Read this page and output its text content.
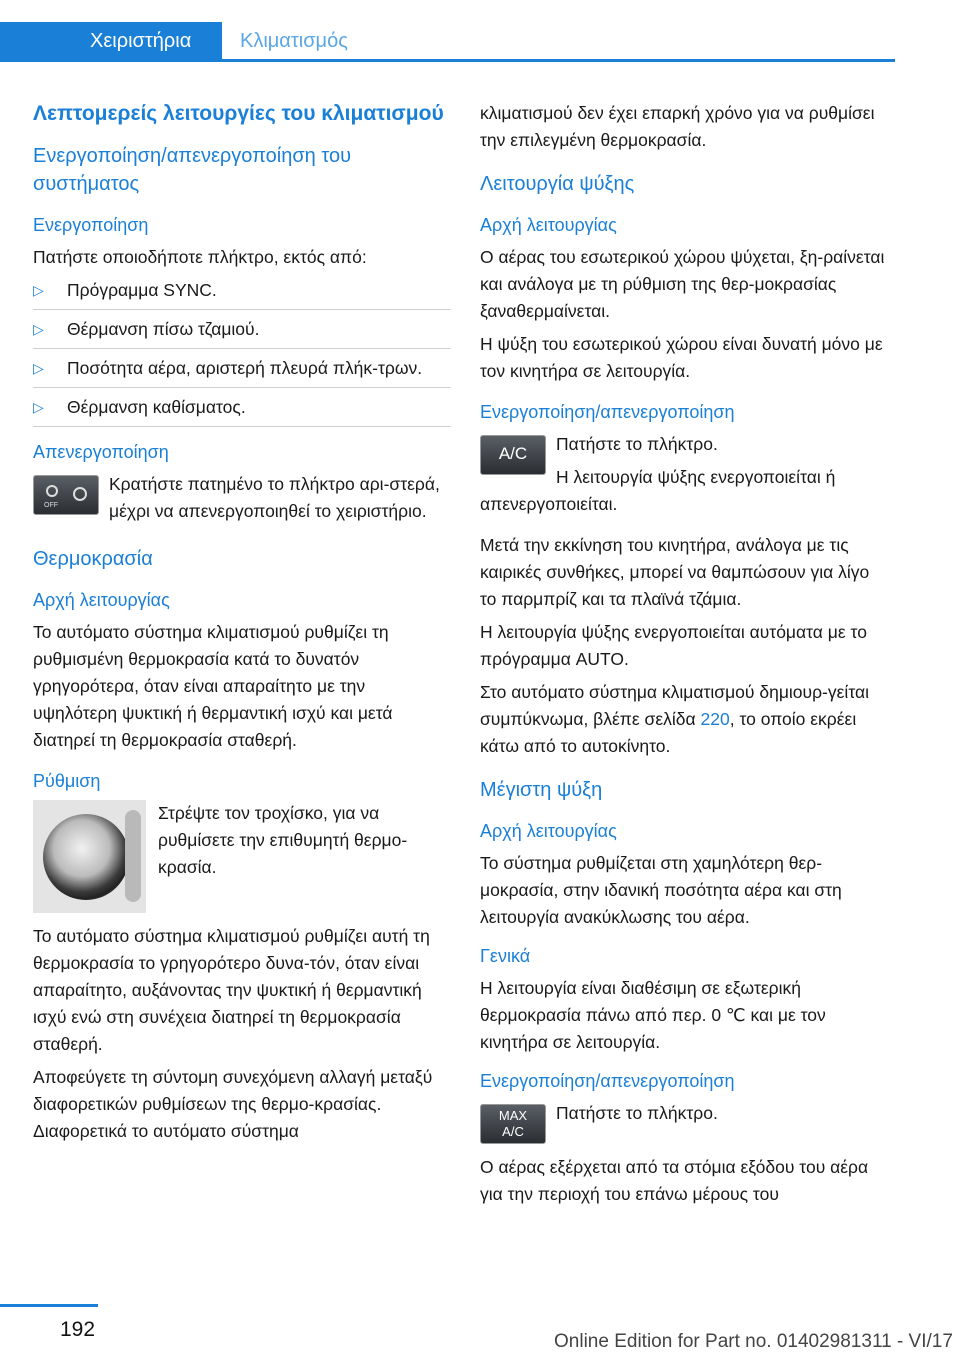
Χειριστήρια Κλιματισμός
Λεπτομερείς λειτουργίες του κλιματισμού
Ενεργοποίηση/απενεργοποίηση του συστήματος
Ενεργοποίηση
Πατήστε οποιοδήποτε πλήκτρο, εκτός από:
▷ Πρόγραμμα SYNC.
▷ Θέρμανση πίσω τζαμιού.
▷ Ποσότητα αέρα, αριστερή πλευρά πλήκ-τρων.
▷ Θέρμανση καθίσματος.
Απενεργοποίηση
OFF
Κρατήστε πατημένο το πλήκτρο αρι-στερά, μέχρι να απενεργοποιηθεί το χειριστήριο.
Θερμοκρασία
Αρχή λειτουργίας
Το αυτόματο σύστημα κλιματισμού ρυθμίζει τη ρυθμισμένη θερμοκρασία κατά το δυνατόν γρηγορότερα, όταν είναι απαραίτητο με την υψηλότερη ψυκτική ή θερμαντική ισχύ και μετά διατηρεί τη θερμοκρασία σταθερή.
Ρύθμιση
Στρέψτε τον τροχίσκο, για να ρυθμίσετε την επιθυμητή θερμο-κρασία.
Το αυτόματο σύστημα κλιματισμού ρυθμίζει αυτή τη θερμοκρασία το γρηγορότερο δυνα-τόν, όταν είναι απαραίτητο, αυξάνοντας την ψυκτική ή θερμαντική ισχύ ενώ στη συνέχεια διατηρεί τη θερμοκρασία σταθερή.
Αποφεύγετε τη σύντομη συνεχόμενη αλλαγή μεταξύ διαφορετικών ρυθμίσεων της θερμο-κρασίας. Διαφορετικά το αυτόματο σύστημα
κλιματισμού δεν έχει επαρκή χρόνο για να ρυθμίσει την επιλεγμένη θερμοκρασία.
Λειτουργία ψύξης
Αρχή λειτουργίας
Ο αέρας του εσωτερικού χώρου ψύχεται, ξη-ραίνεται και ανάλογα με τη ρύθμιση της θερ-μοκρασίας ξαναθερμαίνεται.
Η ψύξη του εσωτερικού χώρου είναι δυνατή μόνο με τον κινητήρα σε λειτουργία.
Ενεργοποίηση/απενεργοποίηση
A/C	Πατήστε το πλήκτρο.
Η λειτουργία ψύξης ενεργοποιείται ή απενεργοποιείται.
Μετά την εκκίνηση του κινητήρα, ανάλογα με τις καιρικές συνθήκες, μπορεί να θαμπώσουν για λίγο το παρμπρίζ και τα πλαϊνά τζάμια.
Η λειτουργία ψύξης ενεργοποιείται αυτόματα με το πρόγραμμα AUTO.
Στο αυτόματο σύστημα κλιματισμού δημιουρ-γείται συμπύκνωμα, βλέπε σελίδα 220, το οποίο εκρέει κάτω από το αυτοκίνητο.
Μέγιστη ψύξη
Αρχή λειτουργίας
Το σύστημα ρυθμίζεται στη χαμηλότερη θερ-μοκρασία, στην ιδανική ποσότητα αέρα και στη λειτουργία ανακύκλωσης του αέρα.
Γενικά
Η λειτουργία είναι διαθέσιμη σε εξωτερική θερμοκρασία πάνω από περ. 0 ℃ και με τον κινητήρα σε λειτουργία.
Ενεργοποίηση/απενεργοποίηση
MAX
A/C
Πατήστε το πλήκτρο.
Ο αέρας εξέρχεται από τα στόμια εξόδου του αέρα για την περιοχή του επάνω μέρους του
192
Online Edition for Part no. 01402981311 - VI/17
